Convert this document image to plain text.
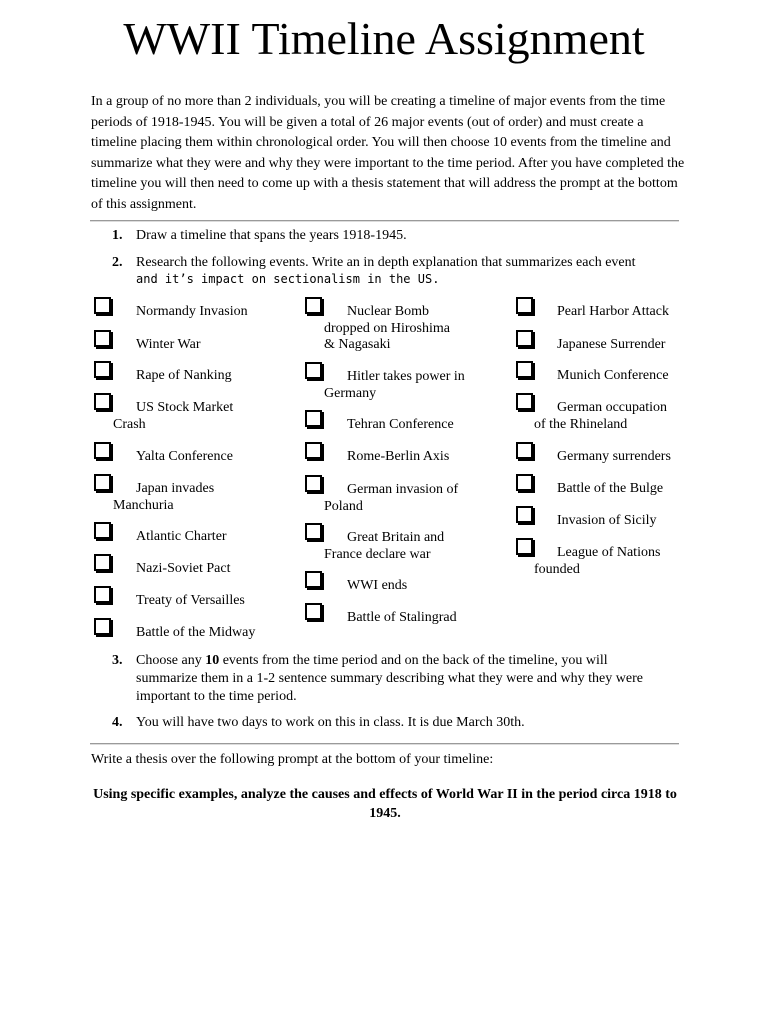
WWII Timeline Assignment

In a group of no more than 2 individuals, you will be creating a timeline of major events from the time periods of 1918-1945. You will be given a total of 26 major events (out of order) and must create a timeline placing them within chronological order. You will then choose 10 events from the timeline and summarize what they were and why they were important to the time period. After you have completed the timeline you will then need to come up with a thesis statement that will address the prompt at the bottom of this assignment.

1. Draw a timeline that spans the years 1918-1945.
2. Research the following events. Write an in depth explanation that summarizes each event
and it’s impact on sectionalism in the US.
Normandy Invasion
Winter War
Rape of Nanking
US Stock Market
Crash
Yalta Conference
Japan invades
Manchuria
Atlantic Charter
Nazi-Soviet Pact
Treaty of Versailles
Battle of the Midway
Nuclear Bomb
dropped on Hiroshima & Nagasaki
Hitler takes power in
Germany
Tehran Conference
Rome-Berlin Axis
German invasion of
Poland
Great Britain and
France declare war
WWI ends
Battle of Stalingrad
Pearl Harbor Attack
Japanese Surrender
Munich Conference
German occupation
of the Rhineland
Germany surrenders
Battle of the Bulge
Invasion of Sicily
League of Nations
founded
3. Choose any 10 events from the time period and on the back of the timeline, you will summarize them in a 1-2 sentence summary describing what they were and why they were important to the time period.
4. You will have two days to work on this in class. It is due March 30th.

Write a thesis over the following prompt at the bottom of your timeline:

Using specific examples, analyze the causes and effects of World War II in the period circa 1918 to 1945.
